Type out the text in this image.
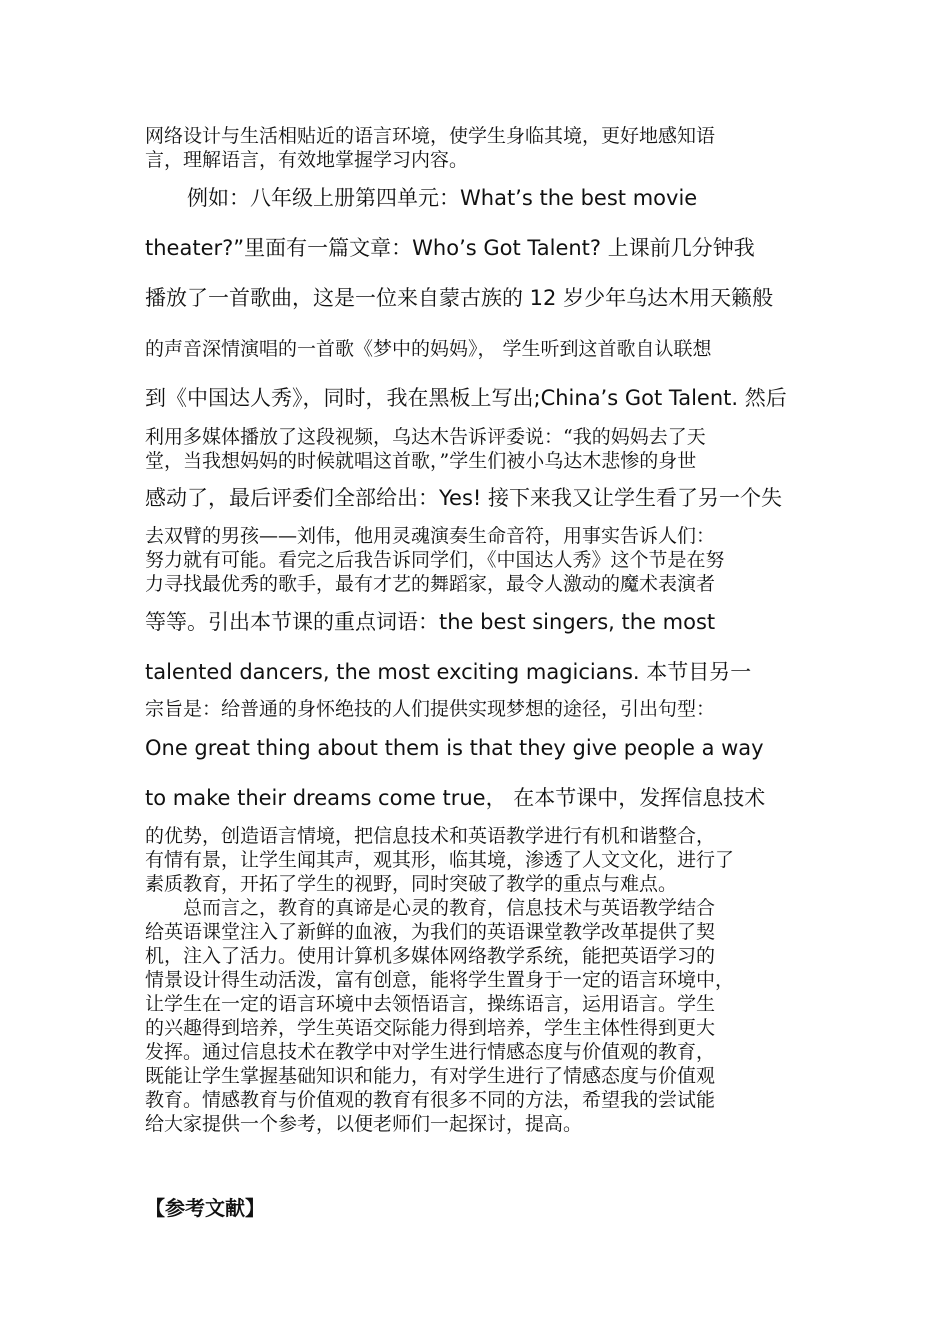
网络设计与生活相贴近的语言环境，使学生身临其境，更好地感知语
言，理解语言，有效地掌握学习内容。
　　例如：八年级上册第四单元：What’s the best movie
theater?”里面有一篇文章：Who’s Got Talent? 上课前几分钟我
播放了一首歌曲，这是一位来自蒙古族的 12 岁少年乌达木用天籁般
的声音深情演唱的一首歌《梦中的妈妈》， 学生听到这首歌自认联想
到《中国达人秀》，同时，我在黑板上写出;China’s Got Talent. 然后
利用多媒体播放了这段视频，乌达木告诉评委说：“我的妈妈去了天
堂，当我想妈妈的时候就唱这首歌，”学生们被小乌达木悲惨的身世
感动了，最后评委们全部给出：Yes! 接下来我又让学生看了另一个失
去双臂的男孩——刘伟，他用灵魂演奏生命音符，用事实告诉人们：
努力就有可能。看完之后我告诉同学们，《中国达人秀》这个节是在努
力寻找最优秀的歌手，最有才艺的舞蹈家，最令人激动的魔术表演者
等等。引出本节课的重点词语：the best singers, the most
talented dancers, the most exciting magicians. 本节目另一
宗旨是：给普通的身怀绝技的人们提供实现梦想的途径，引出句型：
One great thing about them is that they give people a way
to make their dreams come true， 在本节课中，发挥信息技术
的优势，创造语言情境，把信息技术和英语教学进行有机和谐整合，
有情有景，让学生闻其声，观其形，临其境，渗透了人文文化，进行了
素质教育，开拓了学生的视野，同时突破了教学的重点与难点。
　　总而言之，教育的真谛是心灵的教育，信息技术与英语教学结合
给英语课堂注入了新鲜的血液，为我们的英语课堂教学改革提供了契
机，注入了活力。使用计算机多媒体网络教学系统，能把英语学习的
情景设计得生动活泼，富有创意，能将学生置身于一定的语言环境中，
让学生在一定的语言环境中去领悟语言，操练语言，运用语言。学生
的兴趣得到培养，学生英语交际能力得到培养，学生主体性得到更大
发挥。通过信息技术在教学中对学生进行情感态度与价值观的教育，
既能让学生掌握基础知识和能力，有对学生进行了情感态度与价值观
教育。情感教育与价值观的教育有很多不同的方法，希望我的尝试能
给大家提供一个参考，以便老师们一起探讨，提高。
【参考文献】
